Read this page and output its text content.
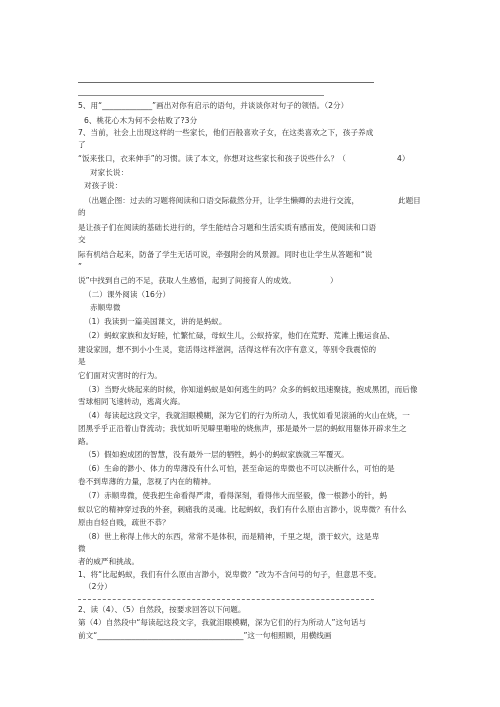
5、用“_____________”画出对你有启示的语句，并谈谈你对句子的领悟。（2分）
6、桃花心木为何不会枯败了?3分
7、当前，社会上出现这样的一些家长，他们百般喜欢子女，在这类喜欢之下，孩子养成
了
“饭来张口，衣来伸手”的习惯。读了本文，你想对这些家长和孩子说些什么？（	4）
对家长说：
对孩子说：
（出题企图：过去的习题将阅读和口语交际截然分开，让学生懒卿的去进行交流，	此题目
的
是让孩子们在阅读的基础长进行的，学生能结合习题和生活实质有感而发，使阅读和口语
交
际有机结合起来，防备了学生无话可说，牵强附会的风景源。同时也让学生从答题和“说
”
说”中找到自己的不足，获取人生感悟，起到了间接育人的成效。	）
（二）课外阅读（16分）
赤顺卑微
（1）我读到一篇美国课文，讲的是蚂蚁。
（2）蚂蚁家族和友好睦，忙繁忙碌，母蚁生儿，公蚁持家，他们在荒野、荒滩上搬运食品、
建设家园，想不到小小生灵，竟活得这样滋润，活得这样有次序有意义，等别令我震惊的
是
它们面对灾害时的行为。
（3）当野火烧起来的时候，你知道蚂蚁是如何逃生的吗？众多的蚂蚁迅速聚拢，抱成黑团，而后像
雪球相同飞速转动，逃离火海。
（4）每读起这段文字，我就泪眼模糊，深为它们的行为所动人，我忧如看见滚涌的火山在烧，一
团黑乎乎正沿着山脊流动；我忧如听见噼里啪啦的烧焦声，那是最外一层的蚂蚁用躯体开辟求生之
路。
（5）假如抱成团的智慧，没有最外一层的牺牲，蚂小的蚂蚁家族就三军覆灭。
（6）生命的渺小、体力的卑薄没有什么可怕，甚至命运的卑微也不可以决断什么，可怕的是
卷不到卑薄的力量，忽视了内在的精神。
（7）赤顺卑微，使我把生命看得严肃，看得深刻，看得伟大而坚毅，像一根渺小的针，蚂
蚁以它的精神穿过我的外套，刺痛我的灵魂。比起蚂蚁，我们有什么原由言渺小，说卑微？有什么
原由自轻自贱，疏世不恭？
（8）世上称得上伟大的东西，常常不是体积，而是精神，千里之堤，溃于蚁穴，这是卑
微
者的威严和挑战。
1、将“比起蚂蚁，我们有什么原由言渺小，说卑微？”改为不含问号的句子，但意思不变。
（2分）
2、读（4）、（5）自然段，按要求回答以下问题。
第（4）自然段中“每读起这段文字，我就泪眼模糊，深为它们的行为所动人”这句话与
前文“______________________________________”这一句相照顾，用横线画
